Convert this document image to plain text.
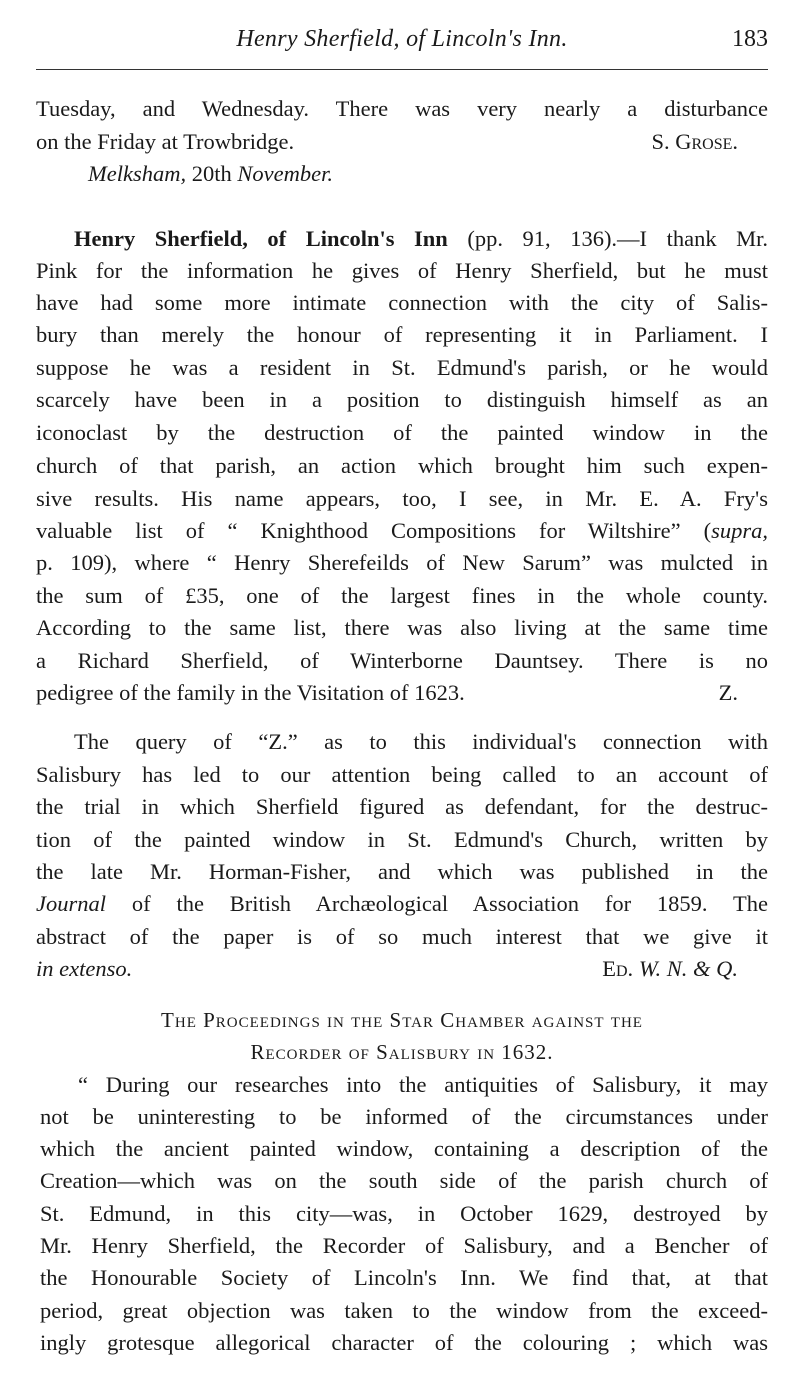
Henry Sherfield, of Lincoln's Inn.	183
Tuesday, and Wednesday. There was very nearly a disturbance
on the Friday at Trowbridge.	S. Grose.
Melksham, 20th November.
Henry Sherfield, of Lincoln's Inn (pp. 91, 136).—I thank Mr.
Pink for the information he gives of Henry Sherfield, but he must
have had some more intimate connection with the city of Salis-
bury than merely the honour of representing it in Parliament. I
suppose he was a resident in St. Edmund's parish, or he would
scarcely have been in a position to distinguish himself as an
iconoclast by the destruction of the painted window in the
church of that parish, an action which brought him such expen-
sive results. His name appears, too, I see, in Mr. E. A. Fry's
valuable list of “ Knighthood Compositions for Wiltshire” (supra,
p. 109), where “ Henry Sherefeilds of New Sarum” was mulcted in
the sum of £35, one of the largest fines in the whole county.
According to the same list, there was also living at the same time
a Richard Sherfield, of Winterborne Dauntsey. There is no
pedigree of the family in the Visitation of 1623.	Z.
The query of “Z.” as to this individual's connection with
Salisbury has led to our attention being called to an account of
the trial in which Sherfield figured as defendant, for the destruc-
tion of the painted window in St. Edmund's Church, written by
the late Mr. Horman-Fisher, and which was published in the
Journal of the British Archæological Association for 1859. The
abstract of the paper is of so much interest that we give it
in extenso.	Ed. W. N. & Q.
The Proceedings in the Star Chamber against the
Recorder of Salisbury in 1632.
“ During our researches into the antiquities of Salisbury, it may
not be uninteresting to be informed of the circumstances under
which the ancient painted window, containing a description of the
Creation—which was on the south side of the parish church of
St. Edmund, in this city—was, in October 1629, destroyed by
Mr. Henry Sherfield, the Recorder of Salisbury, and a Bencher of
the Honourable Society of Lincoln's Inn. We find that, at that
period, great objection was taken to the window from the exceed-
ingly grotesque allegorical character of the colouring ; which was
